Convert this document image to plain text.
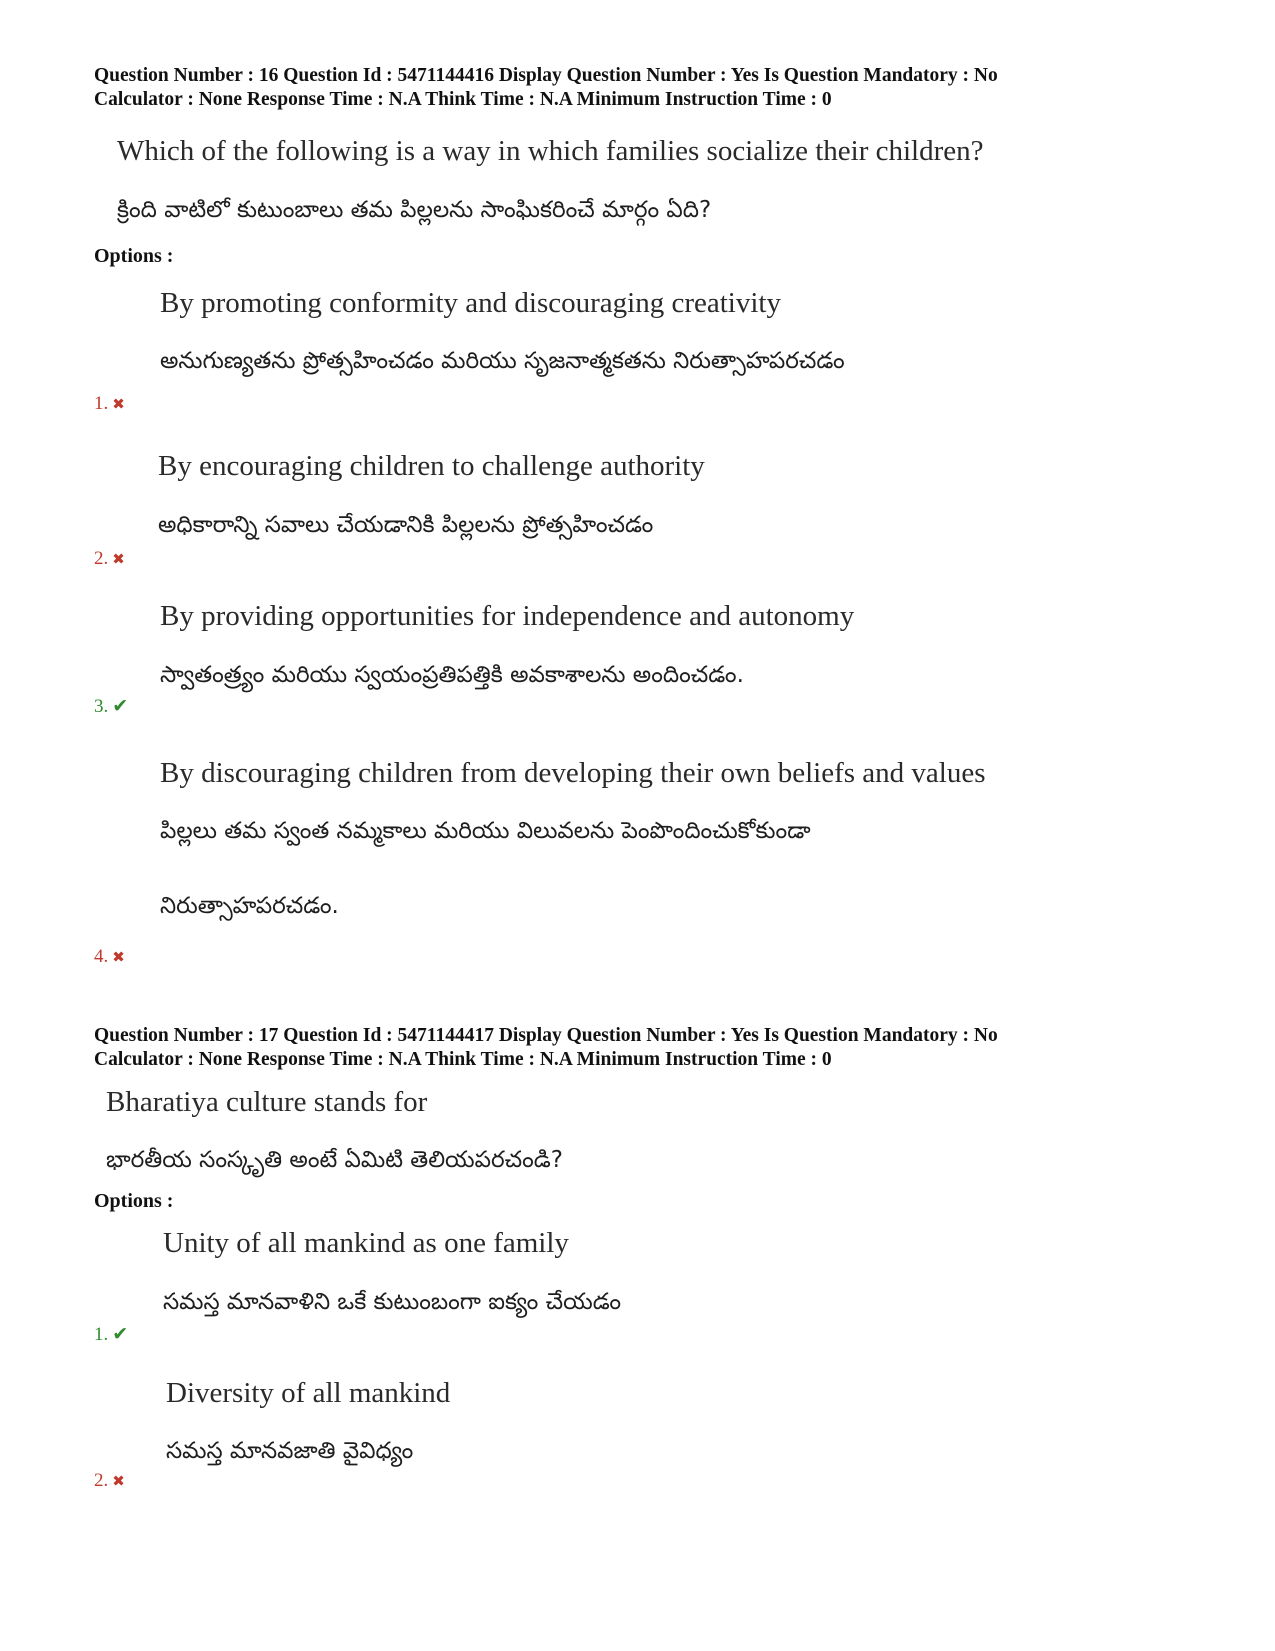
Question Number : 16 Question Id : 5471144416 Display Question Number : Yes Is Question Mandatory : No
Calculator : None Response Time : N.A Think Time : N.A Minimum Instruction Time : 0
Which of the following is a way in which families socialize their children?
క్రింది వాటిలో కుటుంబాలు తమ పిల్లలను సాంఘికరించే మార్గం ఏది?
Options :
By promoting conformity and discouraging creativity
అనుగుణ్యతను ప్రోత్సహించడం మరియు సృజనాత్మకతను నిరుత్సాహపరచడం
1. ✖
By encouraging children to challenge authority
అధికారాన్ని సవాలు చేయడానికి పిల్లలను ప్రోత్సహించడం
2. ✖
By providing opportunities for independence and autonomy
స్వాతంత్ర్యం మరియు స్వయంప్రతిపత్తికి అవకాశాలను అందించడం.
3. ✔
By discouraging children from developing their own beliefs and values
పిల్లలు తమ స్వంత నమ్మకాలు మరియు విలువలను పెంపొందించుకోకుండా
నిరుత్సాహపరచడం.
4. ✖
Question Number : 17 Question Id : 5471144417 Display Question Number : Yes Is Question Mandatory : No
Calculator : None Response Time : N.A Think Time : N.A Minimum Instruction Time : 0
Bharatiya culture stands for
భారతీయ సంస్కృతి అంటే ఏమిటి తెలియపరచండి?
Options :
Unity of all mankind as one family
సమస్త మానవాళిని ఒకే కుటుంబంగా ఐక్యం చేయడం
1. ✔
Diversity of all mankind
సమస్త మానవజాతి వైవిధ్యం
2. ✖
